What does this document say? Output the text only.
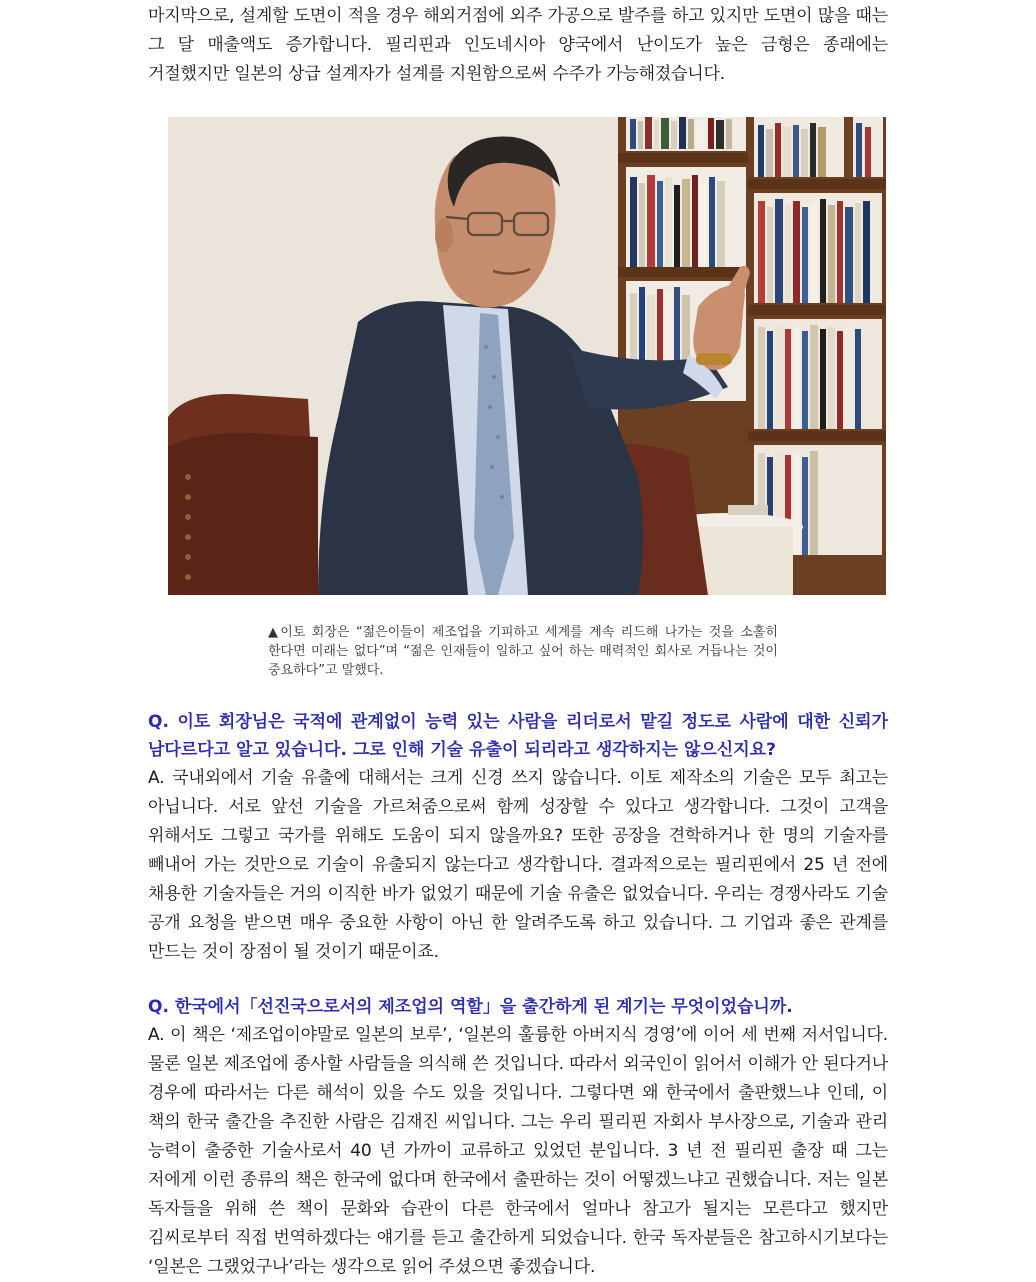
마지막으로, 설계할 도면이 적을 경우 해외거점에 외주 가공으로 발주를 하고 있지만 도면이 많을 때는 그 달 매출액도 증가합니다. 필리핀과 인도네시아 양국에서 난이도가 높은 금형은 종래에는 거절했지만 일본의 상급 설계자가 설계를 지원함으로써 수주가 가능해졌습니다.

▲이토 회장은 “젊은이들이 제조업을 기피하고 세계를 계속 리드해 나가는 것을 소홀히 한다면 미래는 없다”며 “젊은 인재들이 일하고 싶어 하는 매력적인 회사로 거듭나는 것이 중요하다”고 말했다.

Q. 이토 회장님은 국적에 관계없이 능력 있는 사람을 리더로서 맡길 정도로 사람에 대한 신뢰가 남다르다고 알고 있습니다. 그로 인해 기술 유출이 되리라고 생각하지는 않으신지요?

A. 국내외에서 기술 유출에 대해서는 크게 신경 쓰지 않습니다. 이토 제작소의 기술은 모두 최고는 아닙니다. 서로 앞선 기술을 가르쳐줌으로써 함께 성장할 수 있다고 생각합니다. 그것이 고객을 위해서도 그렇고 국가를 위해도 도움이 되지 않을까요? 또한 공장을 견학하거나 한 명의 기술자를 빼내어 가는 것만으로 기술이 유출되지 않는다고 생각합니다. 결과적으로는 필리핀에서 25 년 전에 채용한 기술자들은 거의 이직한 바가 없었기 때문에 기술 유출은 없었습니다. 우리는 경쟁사라도 기술 공개 요청을 받으면 매우 중요한 사항이 아닌 한 알려주도록 하고 있습니다. 그 기업과 좋은 관계를 만드는 것이 장점이 될 것이기 때문이죠.

Q. 한국에서「선진국으로서의 제조업의 역할」을 출간하게 된 계기는 무엇이었습니까.

A. 이 책은 ‘제조업이야말로 일본의 보루’, ‘일본의 훌륭한 아버지식 경영’에 이어 세 번째 저서입니다. 물론 일본 제조업에 종사할 사람들을 의식해 쓴 것입니다. 따라서 외국인이 읽어서 이해가 안 된다거나 경우에 따라서는 다른 해석이 있을 수도 있을 것입니다. 그렇다면 왜 한국에서 출판했느냐 인데, 이 책의 한국 출간을 추진한 사람은 김재진 씨입니다. 그는 우리 필리핀 자회사 부사장으로, 기술과 관리 능력이 출중한 기술사로서 40 년 가까이 교류하고 있었던 분입니다. 3 년 전 필리핀 출장 때 그는 저에게 이런 종류의 책은 한국에 없다며 한국에서 출판하는 것이 어떻겠느냐고 권했습니다. 저는 일본 독자들을 위해 쓴 책이 문화와 습관이 다른 한국에서 얼마나 참고가 될지는 모른다고 했지만 김씨로부터 직접 번역하겠다는 얘기를 듣고 출간하게 되었습니다. 한국 독자분들은 참고하시기보다는 ‘일본은 그랬었구나’라는 생각으로 읽어 주셨으면 좋겠습니다.
